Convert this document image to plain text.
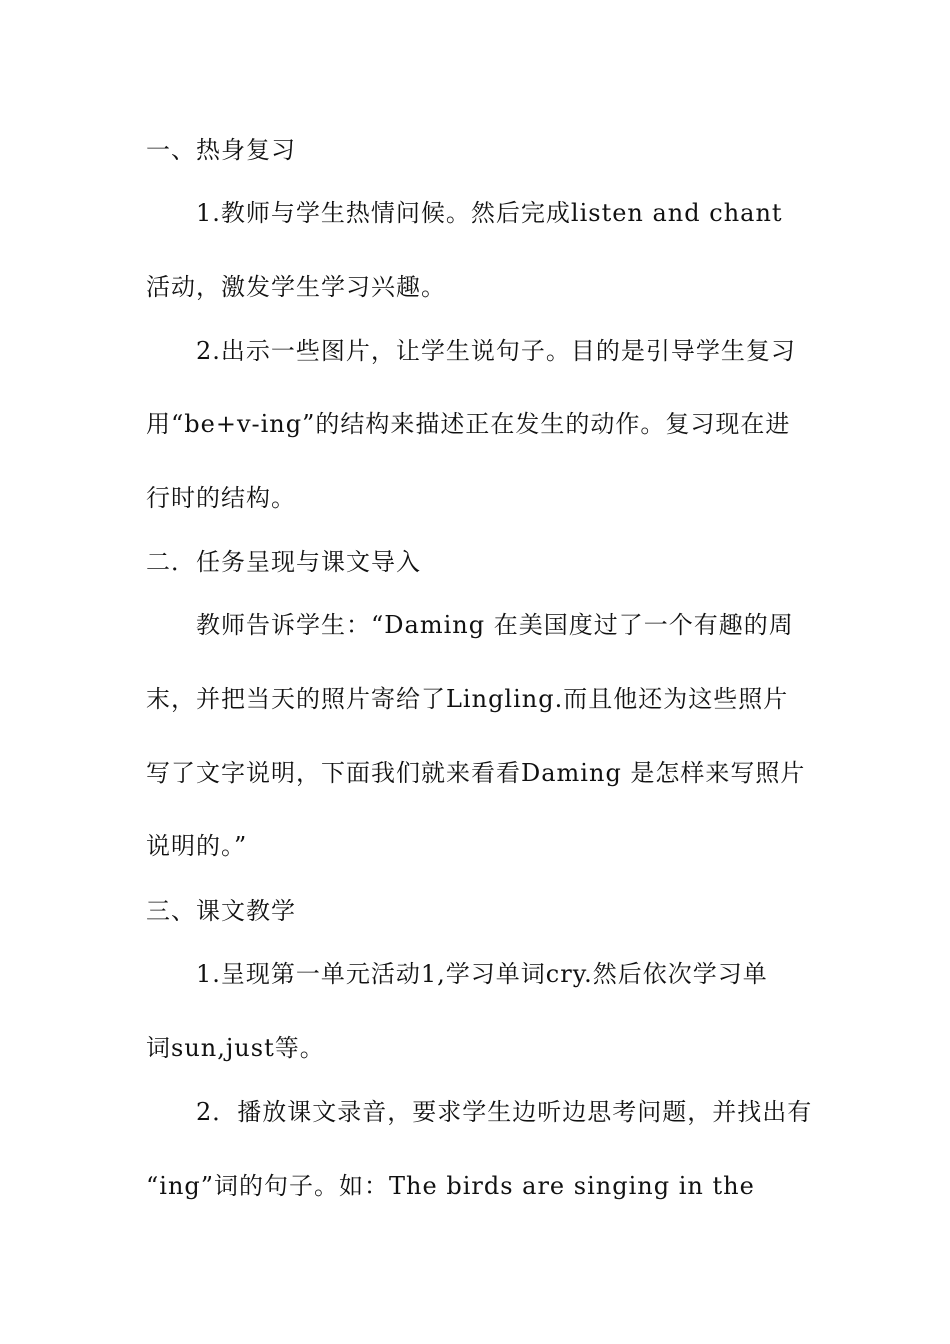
一、热身复习
1.教师与学生热情问候。然后完成listen and chant
活动，激发学生学习兴趣。
2.出示一些图片，让学生说句子。目的是引导学生复习
用“be+v-ing”的结构来描述正在发生的动作。复习现在进
行时的结构。
二．任务呈现与课文导入
教师告诉学生：“Daming 在美国度过了一个有趣的周
末，并把当天的照片寄给了Lingling.而且他还为这些照片
写了文字说明，下面我们就来看看Daming 是怎样来写照片
说明的。”
三、课文教学
1.呈现第一单元活动1,学习单词cry.然后依次学习单
词sun,just等。
2．播放课文录音，要求学生边听边思考问题，并找出有
“ing”词的句子。如：The birds are singing in the
